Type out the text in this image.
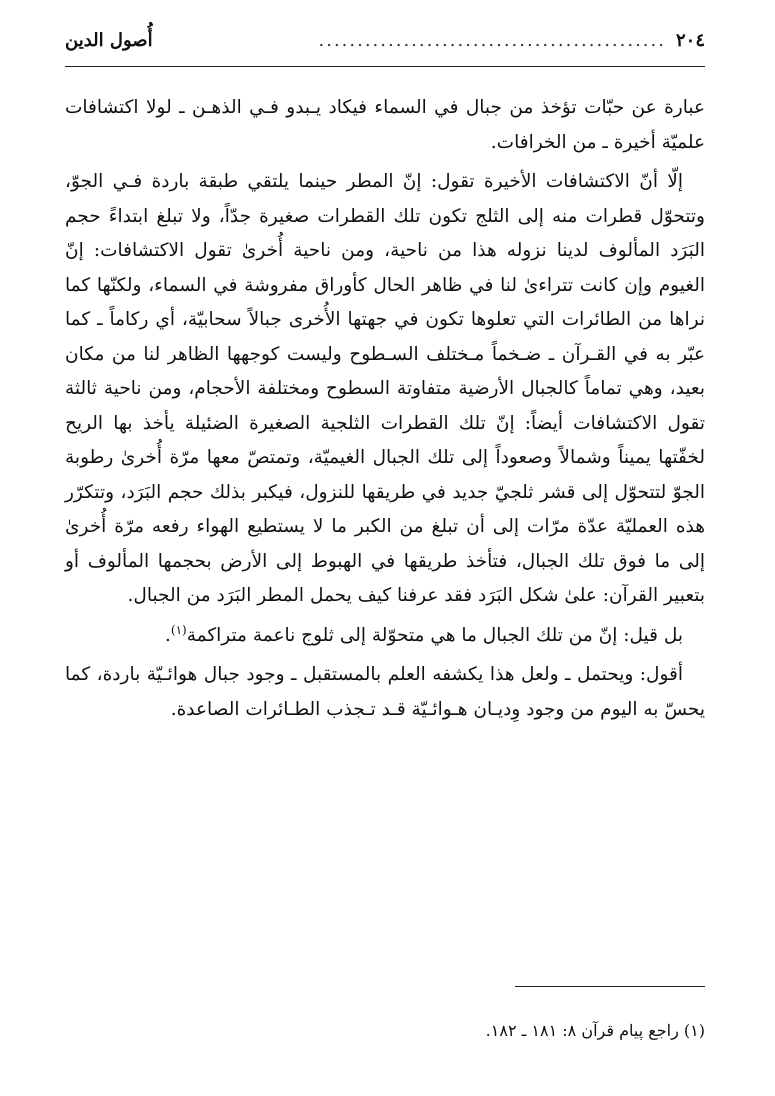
٢٠٤
.............................................
أُصول الدين

عبارة عن حبّات تؤخذ من جبال في السماء فيكاد يـبدو فـي الذهـن ـ لولا اكتشافات علميّة أخيرة ـ من الخرافات.

إلّا أنّ الاكتشافات الأخيرة تقول: إنّ المطر حينما يلتقي طبقة باردة فـي الجوّ، وتتحوّل قطرات منه إلى الثلج تكون تلك القطرات صغيرة جدّاً، ولا تبلغ ابتداءً حجم البَرَد المألوف لدينا نزوله هذا من ناحية، ومن ناحية أُخرىٰ تقول الاكتشافات: إنّ الغيوم وإن كانت تتراءىٰ لنا في ظاهر الحال كأوراق مفروشة في السماء، ولكنّها كما نراها من الطائرات التي تعلوها تكون في جهتها الأُخرى جبالاً سحابيّة، أي ركاماً ـ كما عبّر به في القـرآن ـ ضـخماً مـختلف السـطوح وليست كوجهها الظاهر لنا من مكان بعيد، وهي تماماً كالجبال الأرضية متفاوتة السطوح ومختلفة الأحجام، ومن ناحية ثالثة تقول الاكتشافات أيضاً: إنّ تلك القطرات الثلجية الصغيرة الضئيلة يأخذ بها الريح لخفّتها يميناً وشمالاً وصعوداً إلى تلك الجبال الغيميّة، وتمتصّ معها مرّة أُخرىٰ رطوبة الجوّ لتتحوّل إلى قشر ثلجيّ جديد في طريقها للنزول، فيكبر بذلك حجم البَرَد، وتتكرّر هذه العمليّة عدّة مرّات إلى أن تبلغ من الكبر ما لا يستطيع الهواء رفعه مرّة أُخرىٰ إلى ما فوق تلك الجبال، فتأخذ طريقها في الهبوط إلى الأرض بحجمها المألوف أو بتعبير القرآن: علىٰ شكل البَرَد فقد عرفنا كيف يحمل المطر البَرَد من الجبال.

بل قيل: إنّ من تلك الجبال ما هي متحوّلة إلى ثلوج ناعمة متراكمة$^{(١)}$.

أقول: ويحتمل ـ ولعل هذا يكشفه العلم بالمستقبل ـ وجود جبال هوائـيّة باردة، كما يحسّ به اليوم من وجود وِديـان هـوائـيّة قـد تـجذب الطـائرات الصاعدة.

(١) راجع پيام قرآن ٨: ١٨١ ـ ١٨٢.
